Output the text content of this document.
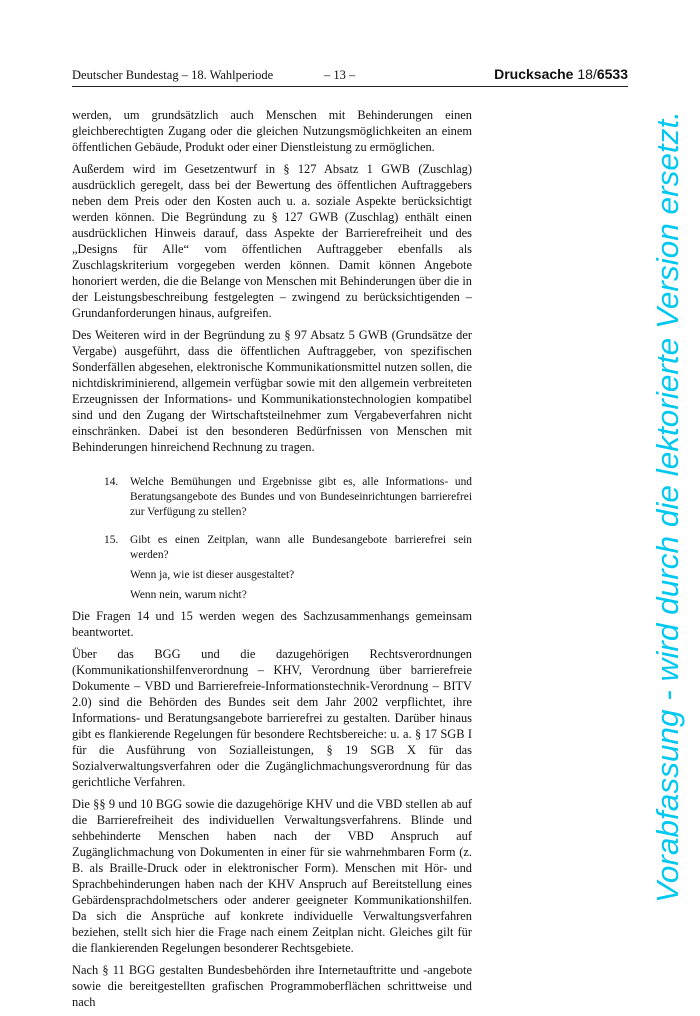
Deutscher Bundestag – 18. Wahlperiode	– 13 –	Drucksache 18/6533

werden, um grundsätzlich auch Menschen mit Behinderungen einen gleichberechtigten Zugang oder die gleichen Nutzungsmöglichkeiten an einem öffentlichen Gebäude, Produkt oder einer Dienstleistung zu ermöglichen.

Außerdem wird im Gesetzentwurf in § 127 Absatz 1 GWB (Zuschlag) ausdrücklich geregelt, dass bei der Bewertung des öffentlichen Auftraggebers neben dem Preis oder den Kosten auch u. a. soziale Aspekte berücksichtigt werden können. Die Begründung zu § 127 GWB (Zuschlag) enthält einen ausdrücklichen Hinweis darauf, dass Aspekte der Barrierefreiheit und des „Designs für Alle“ vom öffentlichen Auftraggeber ebenfalls als Zuschlagskriterium vorgegeben werden können. Damit können Angebote honoriert werden, die die Belange von Menschen mit Behinderungen über die in der Leistungsbeschreibung festgelegten – zwingend zu berücksichtigenden – Grundanforderungen hinaus, aufgreifen.

Des Weiteren wird in der Begründung zu § 97 Absatz 5 GWB (Grundsätze der Vergabe) ausgeführt, dass die öffentlichen Auftraggeber, von spezifischen Sonderfällen abgesehen, elektronische Kommunikationsmittel nutzen sollen, die nichtdiskriminierend, allgemein verfügbar sowie mit den allgemein verbreiteten Erzeugnissen der Informations- und Kommunikationstechnologien kompatibel sind und den Zugang der Wirtschaftsteilnehmer zum Vergabeverfahren nicht einschränken. Dabei ist den besonderen Bedürfnissen von Menschen mit Behinderungen hinreichend Rechnung zu tragen.

14.	Welche Bemühungen und Ergebnisse gibt es, alle Informations- und Beratungsangebote des Bundes und von Bundeseinrichtungen barrierefrei zur Verfügung zu stellen?
15.	Gibt es einen Zeitplan, wann alle Bundesangebote barrierefrei sein werden?
Wenn ja, wie ist dieser ausgestaltet?
Wenn nein, warum nicht?

Die Fragen 14 und 15 werden wegen des Sachzusammenhangs gemeinsam beantwortet.

Über das BGG und die dazugehörigen Rechtsverordnungen (Kommunikationshilfenverordnung – KHV, Verordnung über barrierefreie Dokumente – VBD und Barrierefreie-Informationstechnik-Verordnung – BITV 2.0) sind die Behörden des Bundes seit dem Jahr 2002 verpflichtet, ihre Informations- und Beratungsangebote barrierefrei zu gestalten. Darüber hinaus gibt es flankierende Regelungen für besondere Rechtsbereiche: u. a. § 17 SGB I für die Ausführung von Sozialleistungen, § 19 SGB X für das Sozialverwaltungsverfahren oder die Zugänglichmachungsverordnung für das gerichtliche Verfahren.

Die §§ 9 und 10 BGG sowie die dazugehörige KHV und die VBD stellen ab auf die Barrierefreiheit des individuellen Verwaltungsverfahrens. Blinde und sehbehinderte Menschen haben nach der VBD Anspruch auf Zugänglichmachung von Dokumenten in einer für sie wahrnehmbaren Form (z. B. als Braille-Druck oder in elektronischer Form). Menschen mit Hör- und Sprachbehinderungen haben nach der KHV Anspruch auf Bereitstellung eines Gebärdensprachdolmetschers oder anderer geeigneter Kommunikationshilfen. Da sich die Ansprüche auf konkrete individuelle Verwaltungsverfahren beziehen, stellt sich hier die Frage nach einem Zeitplan nicht. Gleiches gilt für die flankierenden Regelungen besonderer Rechtsgebiete.

Nach § 11 BGG gestalten Bundesbehörden ihre Internetauftritte und -angebote sowie die bereitgestellten grafischen Programmoberflächen schrittweise und nach

Vorabfassung - wird durch die lektorierte Version ersetzt.
